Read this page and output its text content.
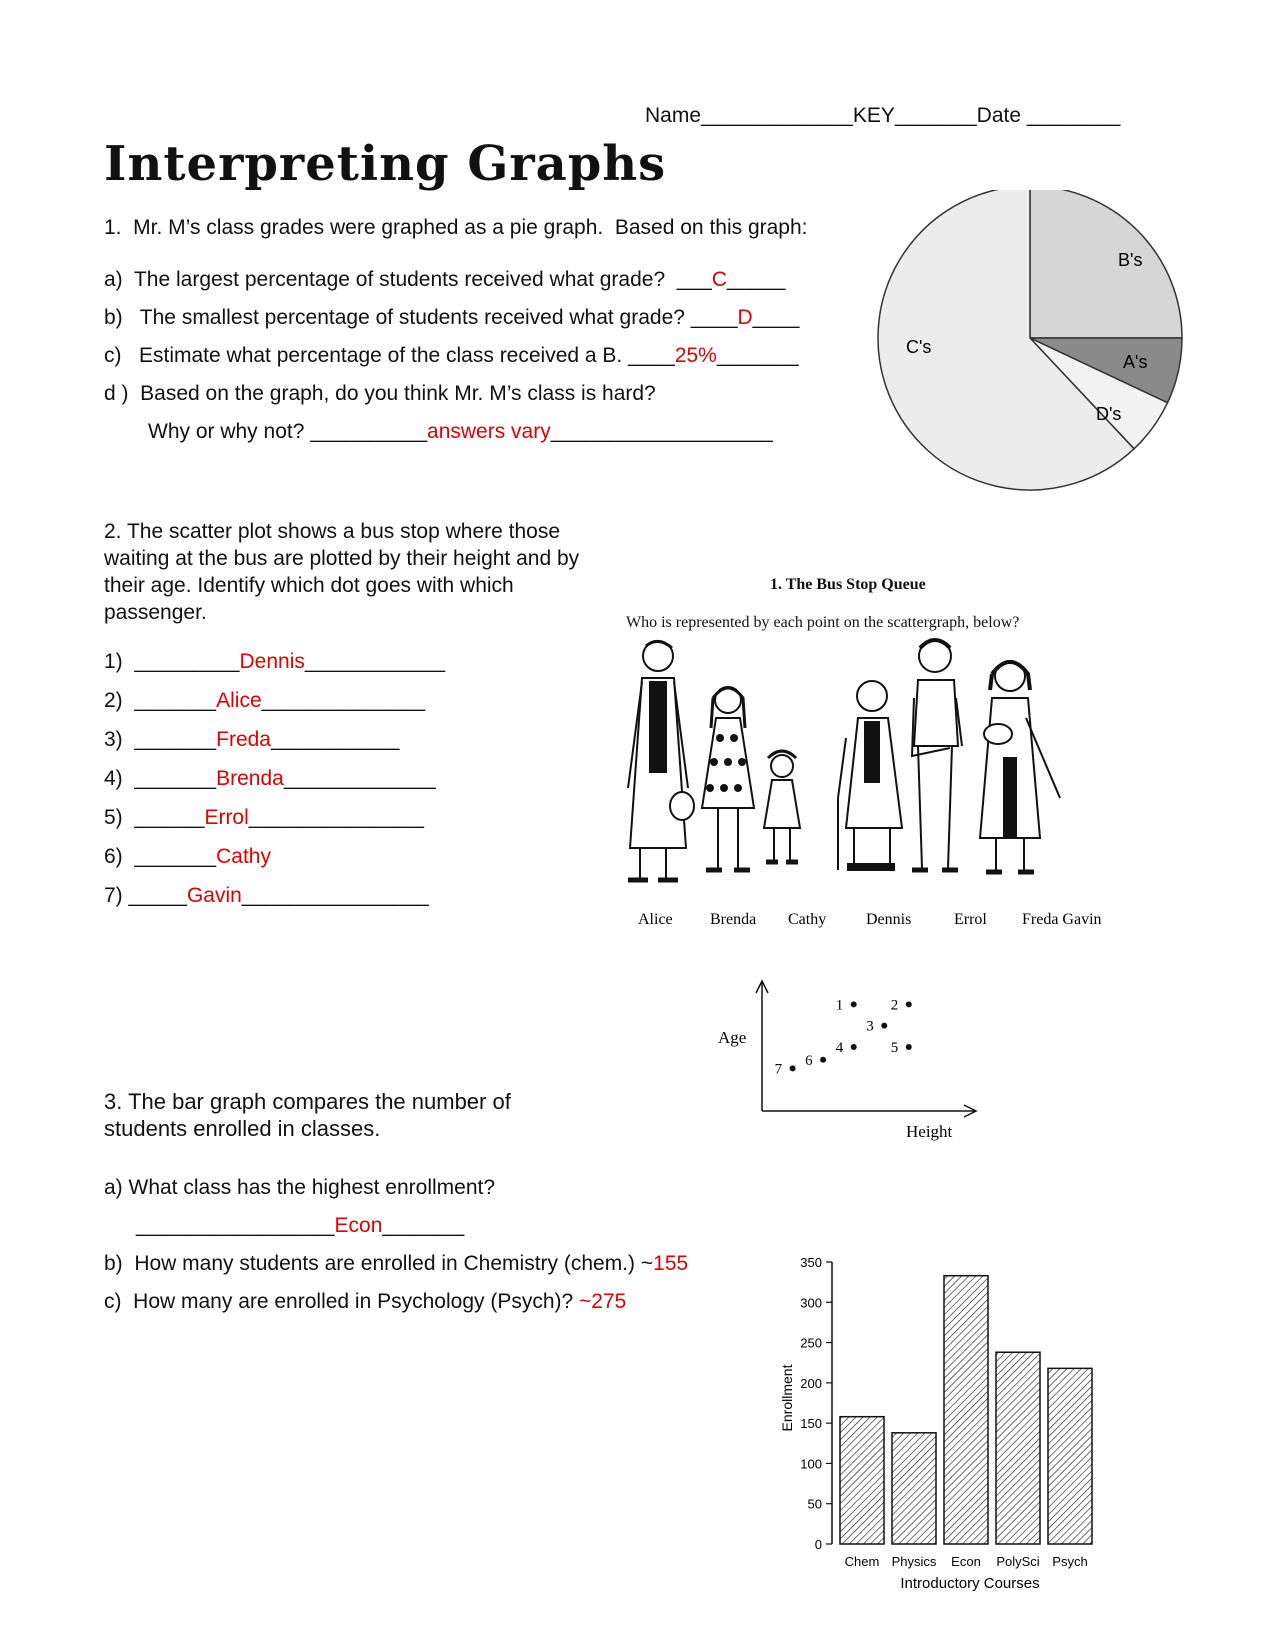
Name_____________KEY_______Date ________
Interpreting Graphs
1.  Mr. M’s class grades were graphed as a pie graph.  Based on this graph:
a)  The largest percentage of students received what grade?  ___C_____
b)   The smallest percentage of students received what grade? ____D____
c)   Estimate what percentage of the class received a B. ____25%_______
d )  Based on the graph, do you think Mr. M’s class is hard?
Why or why not? __________answers vary___________________
B's
A's
D's
C's
2. The scatter plot shows a bus stop where those
waiting at the bus are plotted by their height and by
their age. Identify which dot goes with which
passenger.
1) _________Dennis____________
2) _______Alice______________
3) _______Freda___________
4) _______Brenda_____________
5) ______Errol_______________
6) _______Cathy
7) _____Gavin________________
1. The Bus Stop Queue
Who is represented by each point on the scattergraph, below?
Alice Brenda Cathy Dennis	Errol Freda Gavin
Age
Height
1	2
3
4	5
6
7
3. The bar graph compares the number of
students enrolled in classes.
a) What class has the highest enrollment?
_________________Econ_______
b)  How many students are enrolled in Chemistry (chem.) ~155
c)  How many are enrolled in Psychology (Psych)? ~275
350
300
250
200
150
100
50
0
Chem Physics Econ PolySci Psych
Enrollment
Introductory Courses
